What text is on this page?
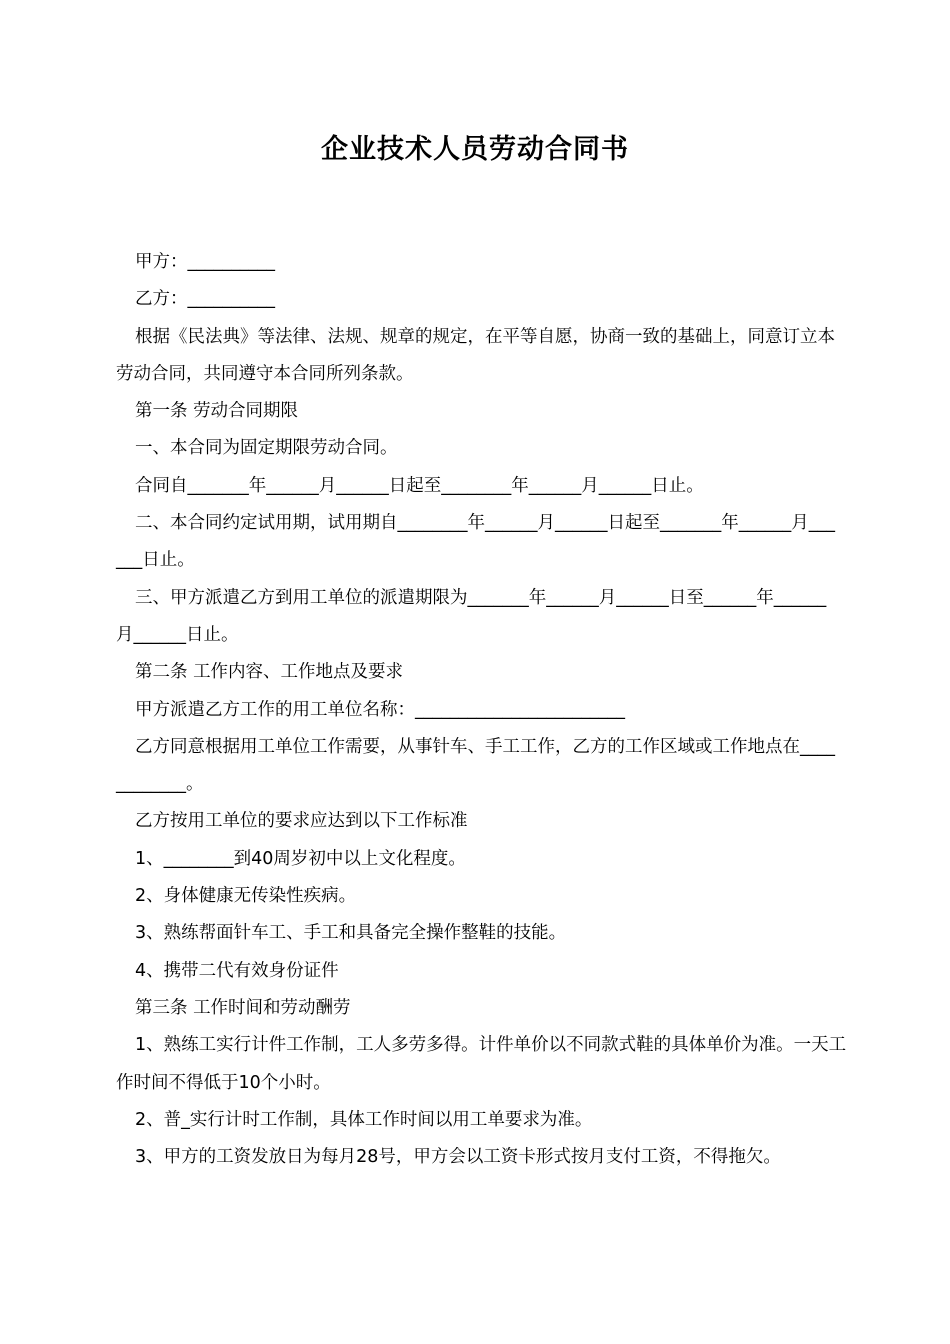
企业技术人员劳动合同书

甲方：__________

乙方：__________

根据《民法典》等法律、法规、规章的规定，在平等自愿，协商一致的基础上，同意订立本劳动合同，共同遵守本合同所列条款。

第一条 劳动合同期限

一、本合同为固定期限劳动合同。

合同自_______年______月______日起至________年______月______日止。

二、本合同约定试用期，试用期自________年______月______日起至_______年______月______日止。

三、甲方派遣乙方到用工单位的派遣期限为_______年______月______日至______年______月______日止。

第二条 工作内容、工作地点及要求

甲方派遣乙方工作的用工单位名称：________________________

乙方同意根据用工单位工作需要，从事针车、手工工作，乙方的工作区域或工作地点在____________。

乙方按用工单位的要求应达到以下工作标准

1、________到40周岁初中以上文化程度。

2、身体健康无传染性疾病。

3、熟练帮面针车工、手工和具备完全操作整鞋的技能。

4、携带二代有效身份证件

第三条 工作时间和劳动酬劳

1、熟练工实行计件工作制，工人多劳多得。计件单价以不同款式鞋的具体单价为准。一天工作时间不得低于10个小时。

2、普_实行计时工作制，具体工作时间以用工单要求为准。

3、甲方的工资发放日为每月28号，甲方会以工资卡形式按月支付工资，不得拖欠。
